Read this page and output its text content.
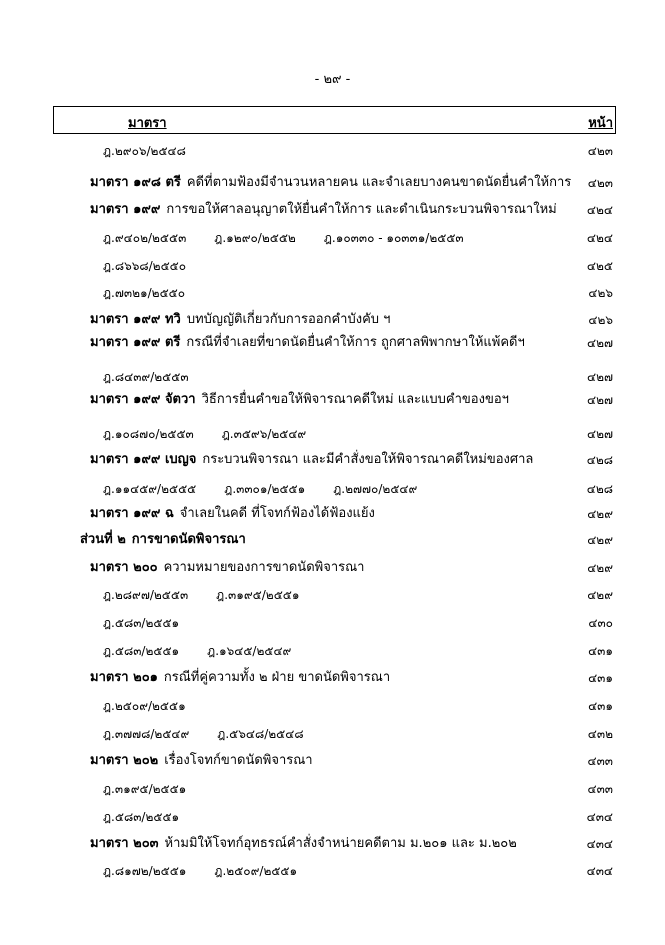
- ๒๙ -
มาตรา	หน้า
ฎ.๒๙๐๖/๒๕๔๘	๔๒๓
มาตรา ๑๙๘ ตรี คดีที่ตามฟ้องมีจำนวนหลายคน และจำเลยบางคนขาดนัดยื่นคำให้การ ๔๒๓
มาตรา ๑๙๙ การขอให้ศาลอนุญาตให้ยื่นคำให้การ และดำเนินกระบวนพิจารณาใหม่	๔๒๔
ฎ.๙๔๐๒/๒๕๕๓ ฎ.๑๒๙๐/๒๕๕๒ ฎ.๑๐๓๓๐ - ๑๐๓๓๑/๒๕๕๓	๔๒๔
ฎ.๘๖๖๘/๒๕๕๐	๔๒๕
ฎ.๗๓๒๑/๒๕๕๐	๔๒๖
มาตรา ๑๙๙ ทวิ บทบัญญัติเกี่ยวกับการออกคำบังคับ ฯ	๔๒๖
มาตรา ๑๙๙ ตรี กรณีที่จำเลยที่ขาดนัดยื่นคำให้การ ถูกศาลพิพากษาให้แพ้คดีฯ	๔๒๗
ฎ.๘๔๓๙/๒๕๕๓	๔๒๗
มาตรา ๑๙๙ จัตวา วิธีการยื่นคำขอให้พิจารณาคดีใหม่ และแบบคำของขอฯ	๔๒๗
ฎ.๑๐๘๗๐/๒๕๕๓ ฎ.๓๕๙๖/๒๕๔๙	๔๒๗
มาตรา ๑๙๙ เบญจ กระบวนพิจารณา และมีคำสั่งขอให้พิจารณาคดีใหม่ของศาล	๔๒๘
ฎ.๑๑๔๕๙/๒๕๕๕ ฎ.๓๓๐๑/๒๕๕๑ ฎ.๒๗๗๐/๒๕๔๙	๔๒๘
มาตรา ๑๙๙ ฉ จำเลยในคดี ที่โจทก์ฟ้องได้ฟ้องแย้ง	๔๒๙
ส่วนที่ ๒ การขาดนัดพิจารณา	๔๒๙
มาตรา ๒๐๐ ความหมายของการขาดนัดพิจารณา	๔๒๙
ฎ.๒๘๙๗/๒๕๕๓ ฎ.๓๑๙๕/๒๕๕๑	๔๒๙
ฎ.๕๘๓/๒๕๕๑	๔๓๐
ฎ.๕๘๓/๒๕๕๑ ฎ.๑๖๔๕/๒๕๔๙	๔๓๑
มาตรา ๒๐๑ กรณีที่คู่ความทั้ง ๒ ฝ่าย ขาดนัดพิจารณา	๔๓๑
ฎ.๒๕๐๙/๒๕๕๑	๔๓๑
ฎ.๓๗๗๘/๒๕๔๙ ฎ.๕๖๔๘/๒๕๔๘	๔๓๒
มาตรา ๒๐๒ เรื่องโจทก์ขาดนัดพิจารณา	๔๓๓
ฎ.๓๑๙๕/๒๕๕๑	๔๓๓
ฎ.๕๘๓/๒๕๕๑	๔๓๔
มาตรา ๒๐๓ ห้ามมิให้โจทก์อุทธรณ์คำสั่งจำหน่ายคดีตาม ม.๒๐๑ และ ม.๒๐๒	๔๓๔
ฎ.๘๑๗๒/๒๕๕๑ ฎ.๒๕๐๙/๒๕๕๑	๔๓๔
